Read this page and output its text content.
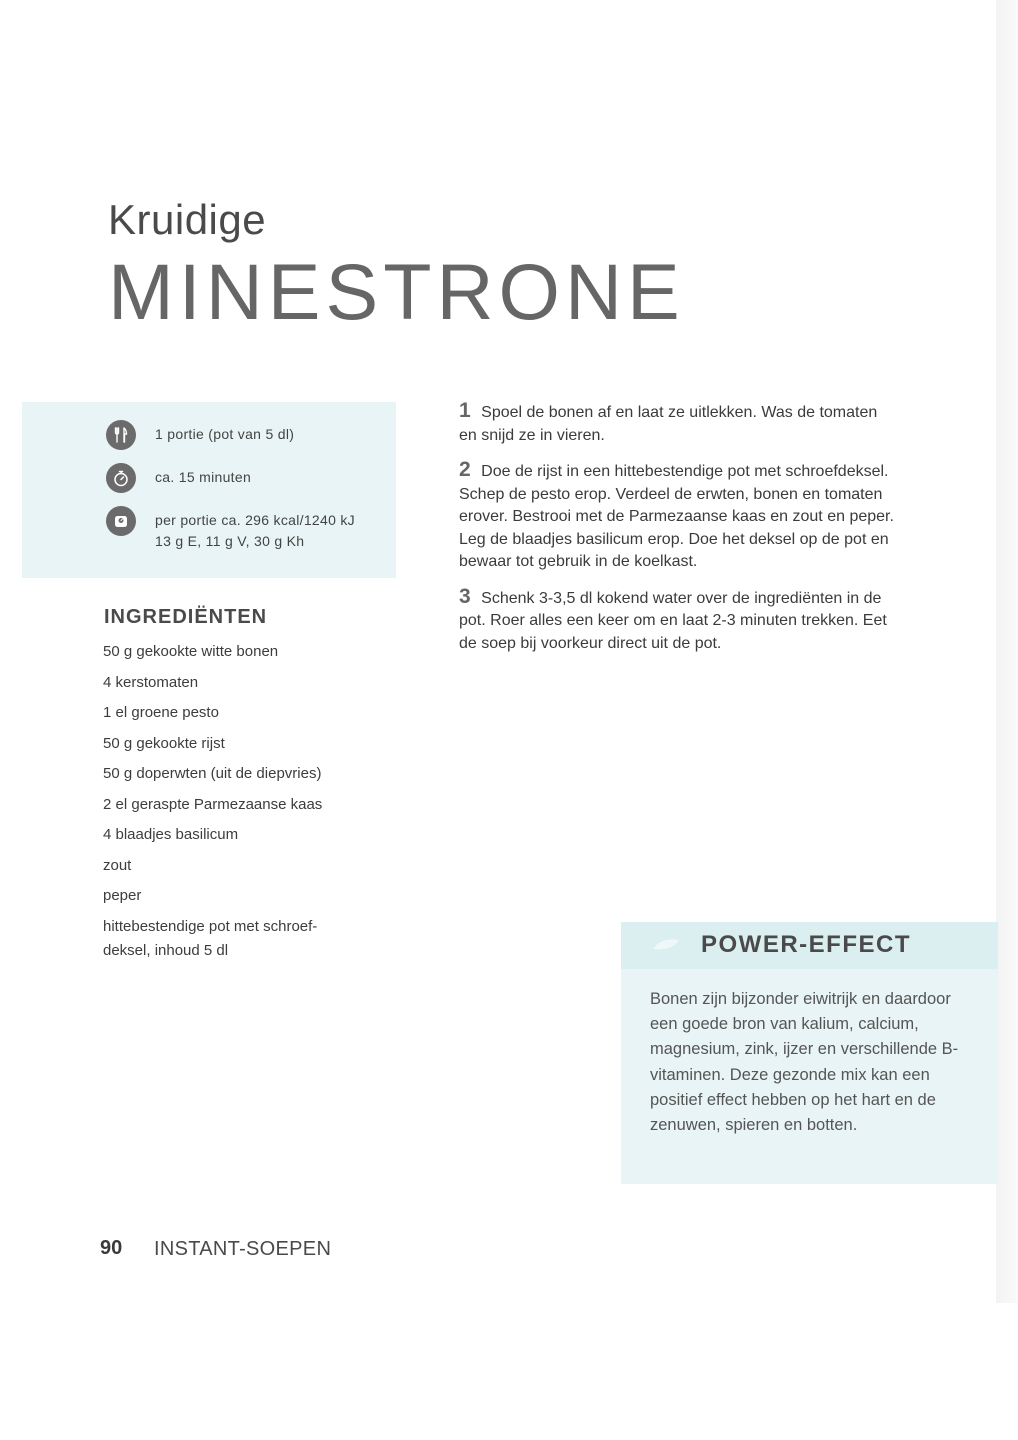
Kruidige
MINESTRONE
1 portie (pot van 5 dl)
ca. 15 minuten
per portie ca. 296 kcal/1240 kJ
13 g E, 11 g V, 30 g Kh
INGREDIËNTEN
50 g gekookte witte bonen
4 kerstomaten
1 el groene pesto
50 g gekookte rijst
50 g doperwten (uit de diepvries)
2 el geraspte Parmezaanse kaas
4 blaadjes basilicum
zout
peper
hittebestendige pot met schroef-deksel, inhoud 5 dl

1 Spoel de bonen af en laat ze uitlekken. Was de tomaten en snijd ze in vieren.

2 Doe de rijst in een hittebestendige pot met schroefdeksel. Schep de pesto erop. Verdeel de erwten, bonen en tomaten erover. Bestrooi met de Parmezaanse kaas en zout en peper. Leg de blaadjes basilicum erop. Doe het deksel op de pot en bewaar tot gebruik in de koelkast.

3 Schenk 3-3,5 dl kokend water over de ingrediënten in de pot. Roer alles een keer om en laat 2-3 minuten trekken. Eet de soep bij voorkeur direct uit de pot.

POWER-EFFECT

Bonen zijn bijzonder eiwitrijk en daardoor een goede bron van kalium, calcium, magnesium, zink, ijzer en verschillende B-vitaminen. Deze gezonde mix kan een positief effect hebben op het hart en de zenuwen, spieren en botten.

90 INSTANT-SOEPEN
